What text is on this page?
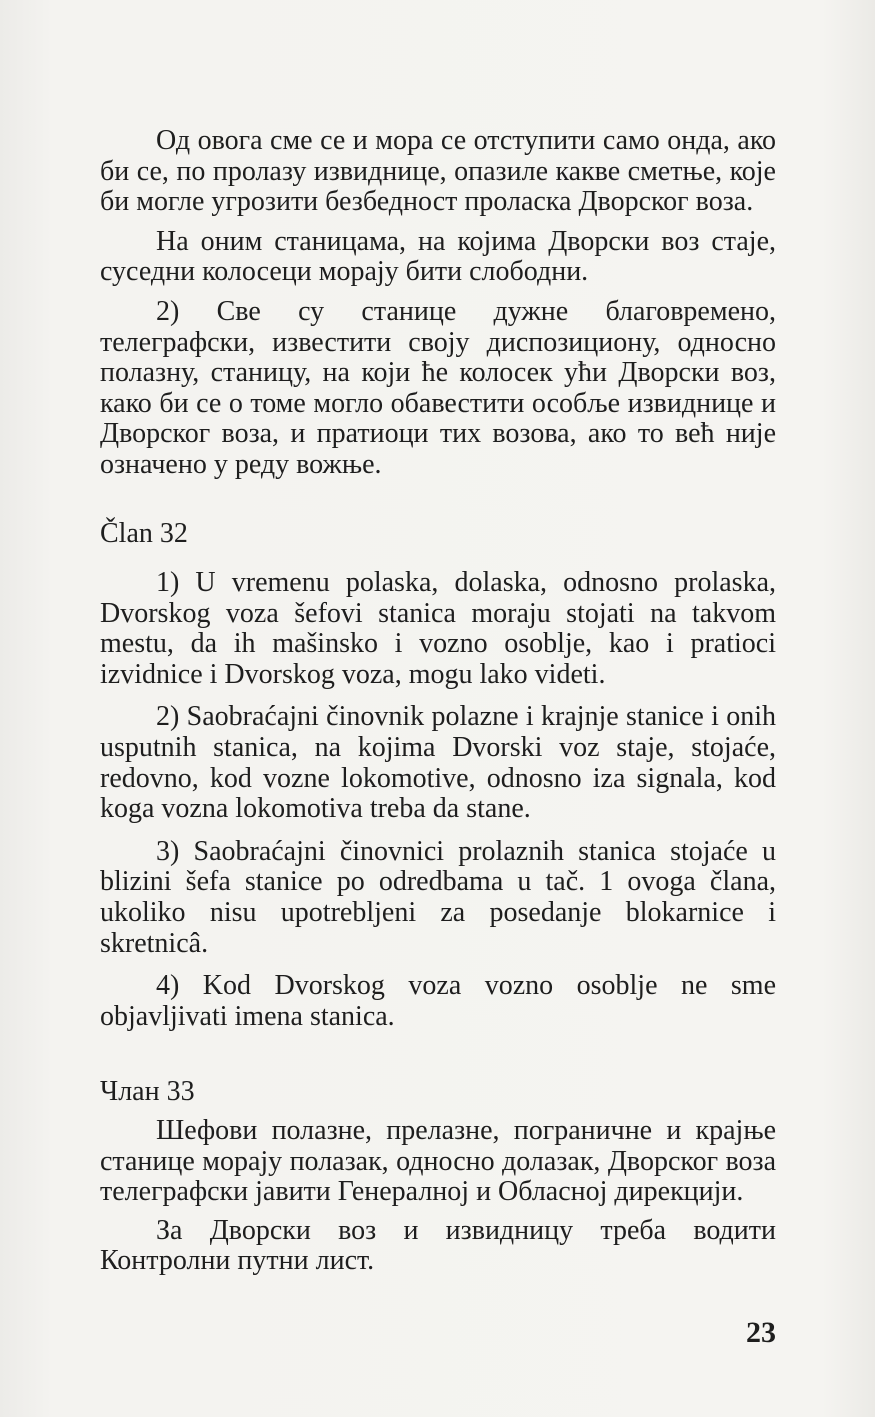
Од овога сме се и мора се отступити само онда, ако би се, по пролазу извиднице, опазиле какве сметње, које би могле угрозити безбедност пролаcка Дворског воза.

На оним станицама, на којима Дворски воз стаје, суседни колосеци морају бити слободни.

2) Све су станице дужне благовремено, телеграфски, известити своју диспозициону, односно полазну, станицу, на који ће колосек ући Дворски воз, како би се о томе могло обавестити особље извиднице и Дворског воза, и пратиоци тих возова, ако то већ није означено у реду вожње.

Član 32

1) U vremenu polaska, dolaska, odnosno prolaska, Dvorskog voza šefovi stanica moraju stojati na takvom mestu, da ih mašinsko i vozno osoblje, kao i pratioci izvidnice i Dvorskog voza, mogu lako videti.

2) Saobraćajni činovnik polazne i krajnje stanice i onih usputnih stanica, na kojima Dvorski voz staje, stojaće, redovno, kod vozne lokomotive, odnosno iza signala, kod koga vozna lokomotiva treba da stane.

3) Saobraćajni činovnici prolaznih stanica stojaće u blizini šefa stanice po odredbama u tač. 1 ovoga člana, ukoliko nisu upotrebljeni za posedanje blokarnice i skretnicâ.

4) Kod Dvorskog voza vozno osoblje ne sme objavljivati imena stanica.

Члан 33

Шефови полазне, прелазне, пограничне и крајње станице морају полазак, односно долазак, Дворског воза телеграфски јавити Генералној и Обласној дирекцији.

За Дворски воз и извидницу треба водити Контролни путни лист.

23
